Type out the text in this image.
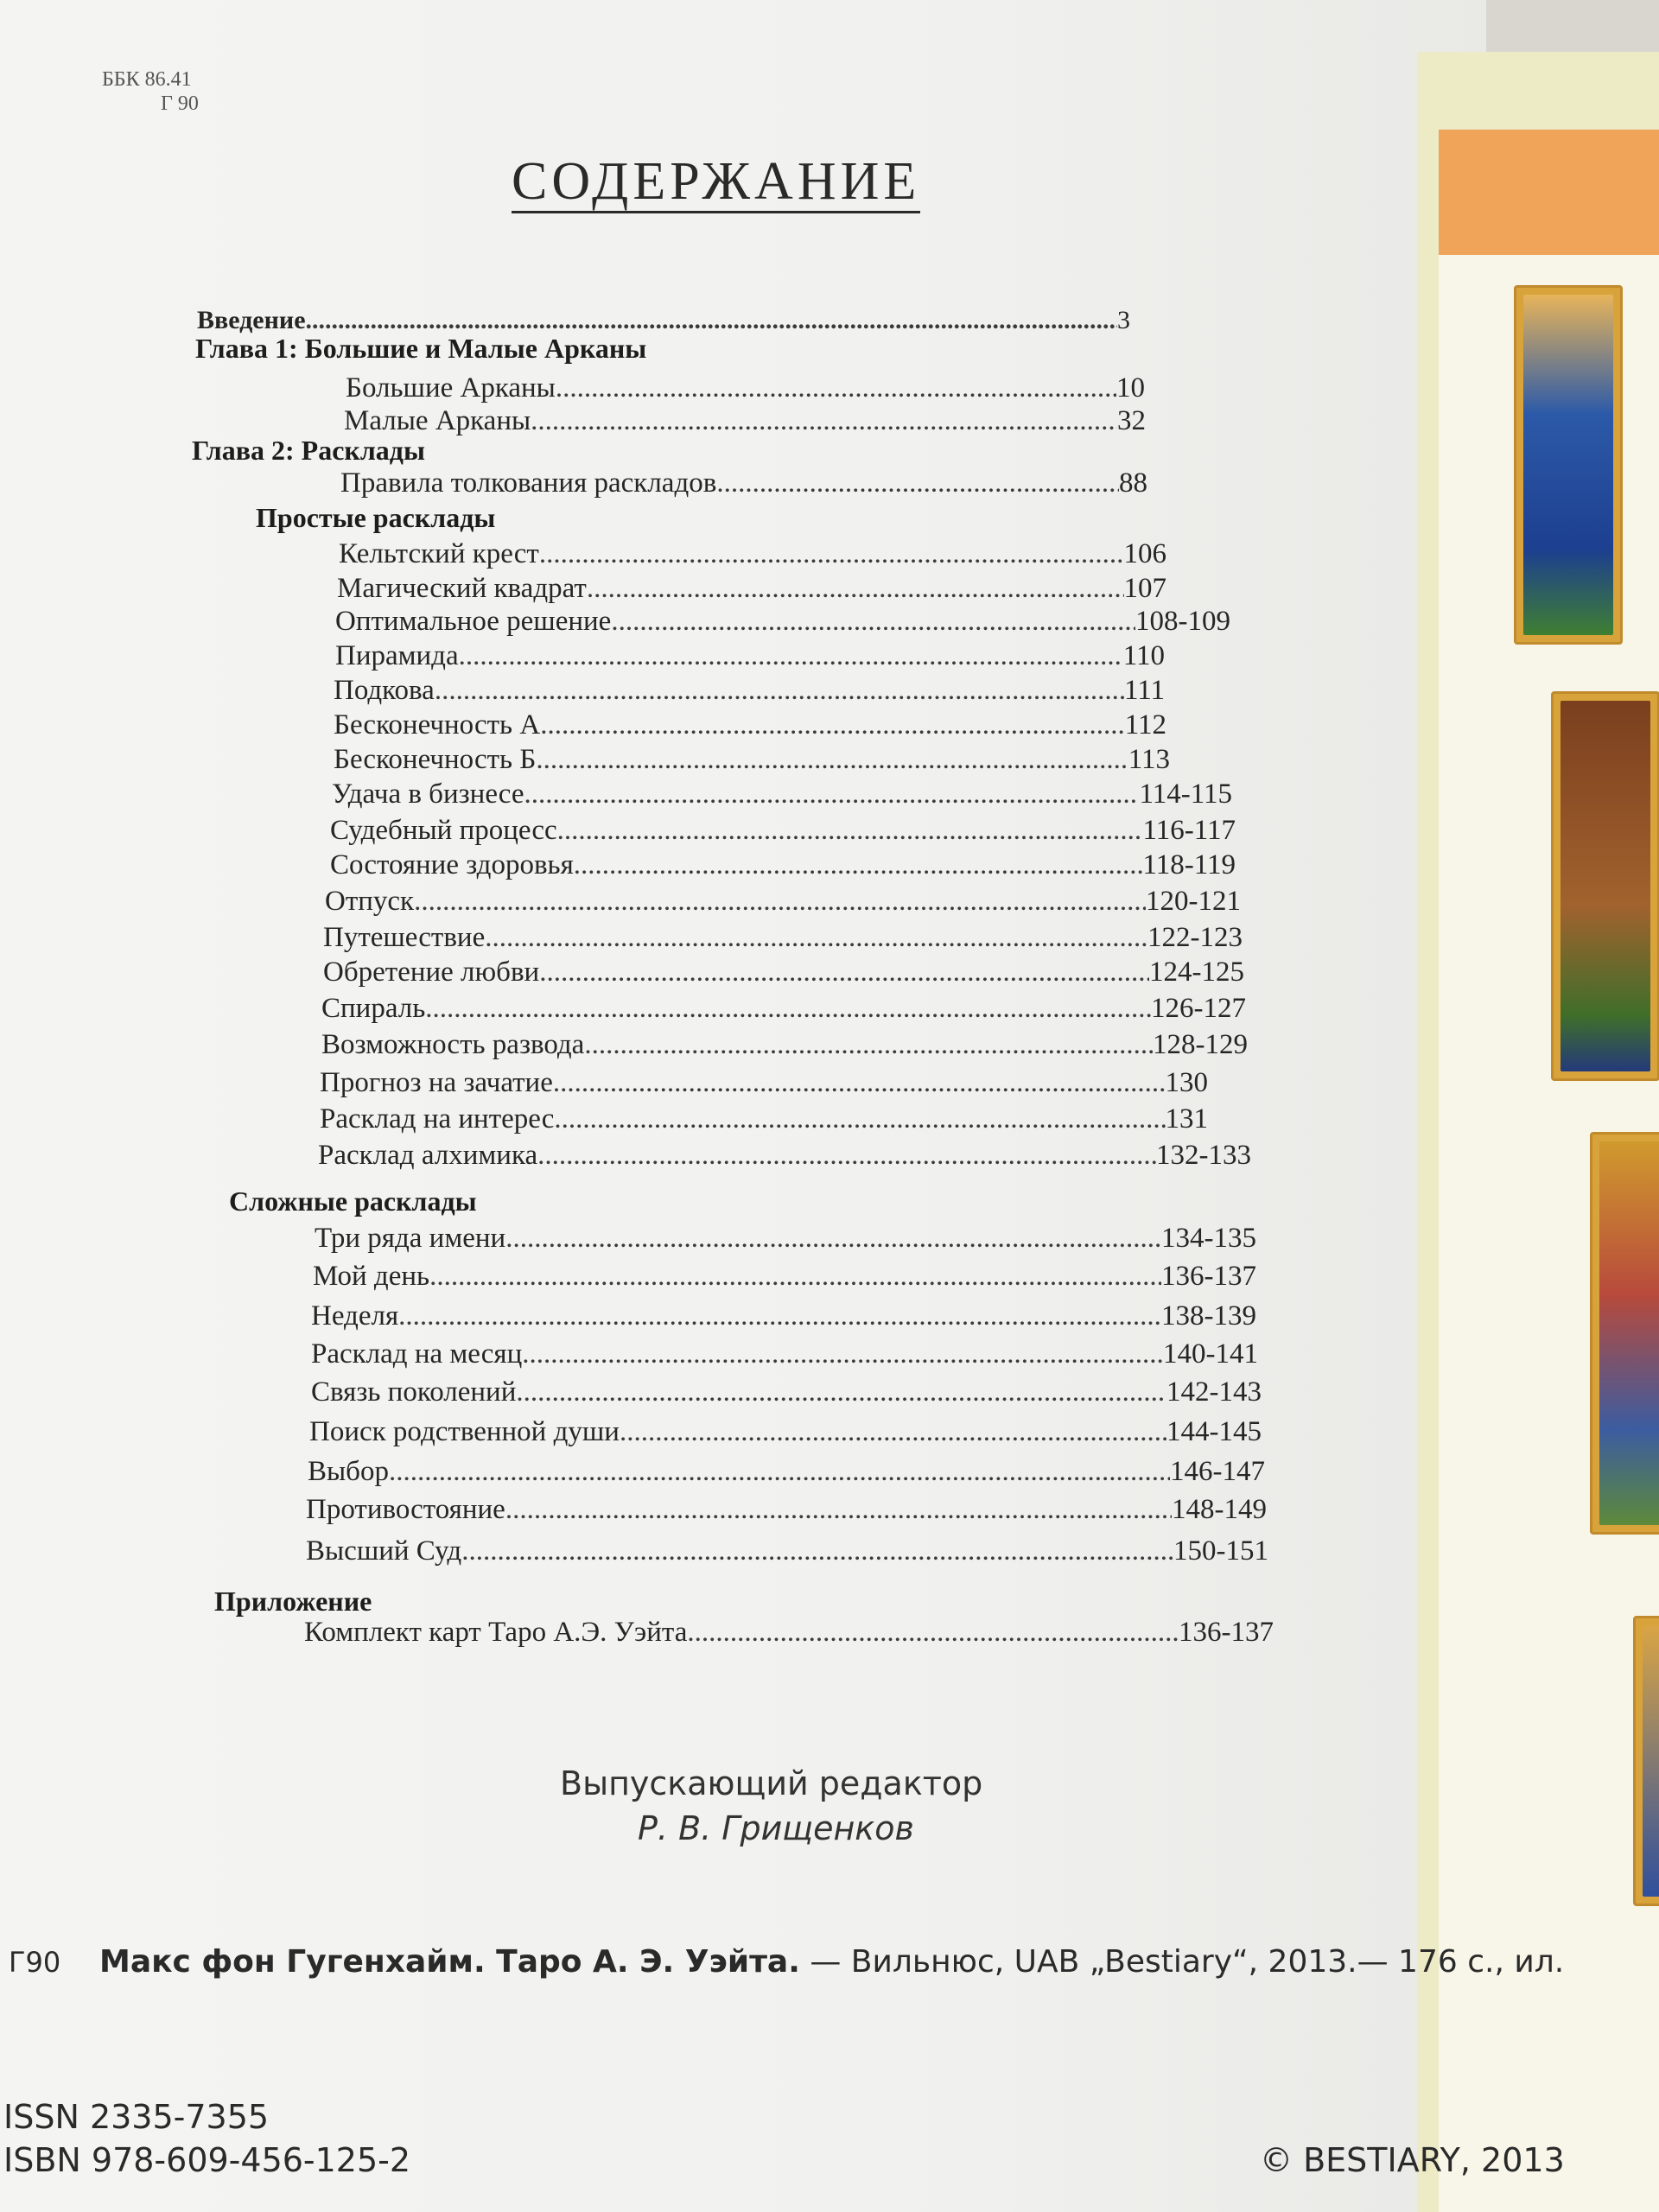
ББК 86.41
Г 90
СОДЕРЖАНИЕ
Введение .....	3
Глава 1: Большие и Малые Арканы
Большие Арканы .....	10
Малые Арканы .....	32
Глава 2: Расклады
Правила толкования раскладов .....	88
Простые расклады
Кельтский крест .....	106
Магический квадрат .....	107
Оптимальное решение .....	108-109
Пирамида .....	110
Подкова .....	111
Бесконечность А .....	112
Бесконечность Б .....	113
Удача в бизнесе .....	114-115
Судебный процесс .....	116-117
Состояние здоровья .....	118-119
Отпуск .....	120-121
Путешествие .....	122-123
Обретение любви .....	124-125
Спираль .....	126-127
Возможность развода .....	128-129
Прогноз на зачатие .....	130
Расклад на интерес .....	131
Расклад алхимика .....	132-133
Сложные расклады
Три ряда имени .....	134-135
Мой день .....	136-137
Неделя .....	138-139
Расклад на месяц .....	140-141
Связь поколений .....	142-143
Поиск родственной души .....	144-145
Выбор .....	146-147
Противостояние .....	148-149
Высший Суд .....	150-151
Приложение
Комплект карт Таро А.Э. Уэйта .....	136-137
Выпускающий редактор
Р. В. Грищенков
Г90 Макс фон Гугенхайм. Таро А. Э. Уэйта. — Вильнюс, UAB „Bestiary“, 2013.— 176 с., ил.
ISSN 2335-7355
ISBN 978-609-456-125-2	© BESTIARY, 2013
